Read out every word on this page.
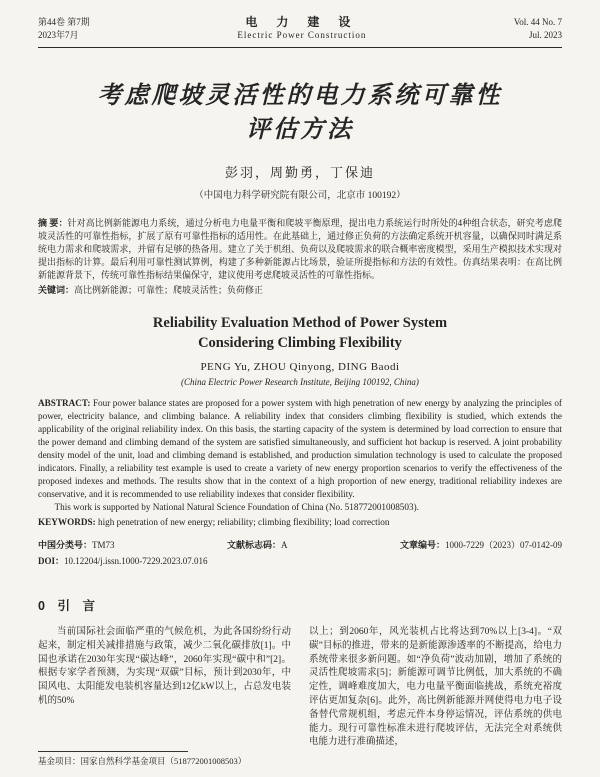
第44卷 第7期
2023年7月
电 力 建 设
Electric Power Construction
Vol. 44 No. 7
Jul. 2023
考虑爬坡灵活性的电力系统可靠性
评估方法
彭羽，周勤勇，丁保迪
（中国电力科学研究院有限公司，北京市 100192）

摘 要：针对高比例新能源电力系统，通过分析电力电量平衡和爬坡平衡原理，提出电力系统运行时所处的4种组合状态，研究考虑爬坡灵活性的可靠性指标，扩展了原有可靠性指标的适用性。在此基础上，通过修正负荷的方法确定系统开机容量，以确保同时满足系统电力需求和爬坡需求，并留有足够的热备用。建立了关于机组、负荷以及爬坡需求的联合概率密度模型，采用生产模拟技术实现对提出指标的计算。最后利用可靠性测试算例，构建了多种新能源占比场景，验证所提指标和方法的有效性。仿真结果表明：在高比例新能源背景下，传统可靠性指标结果偏保守，建议使用考虑爬坡灵活性的可靠性指标。

关键词：高比例新能源；可靠性；爬坡灵活性；负荷修正

Reliability Evaluation Method of Power System
Considering Climbing Flexibility
PENG Yu, ZHOU Qinyong, DING Baodi
(China Electric Power Research Institute, Beijing 100192, China)

ABSTRACT: Four power balance states are proposed for a power system with high penetration of new energy by analyzing the principles of power, electricity balance, and climbing balance. A reliability index that considers climbing flexibility is studied, which extends the applicability of the original reliability index. On this basis, the starting capacity of the system is determined by load correction to ensure that the power demand and climbing demand of the system are satisfied simultaneously, and sufficient hot backup is reserved. A joint probability density model of the unit, load and climbing demand is established, and production simulation technology is used to calculate the proposed indicators. Finally, a reliability test example is used to create a variety of new energy proportion scenarios to verify the effectiveness of the proposed indexes and methods. The results show that in the context of a high proportion of new energy, traditional reliability indexes are conservative, and it is recommended to use reliability indexes that consider flexibility.

This work is supported by National Natural Science Foundation of China (No. 518772001008503).

KEYWORDS: high penetration of new energy; reliability; climbing flexibility; load correction

中国分类号：TM73	文献标志码：A	文章编号：1000-7229（2023）07-0142-09
DOI：10.12204/j.issn.1000-7229.2023.07.016
0　引　言

当前国际社会面临严重的气候危机，为此各国纷纷行动起来，制定相关减排措施与政策，减少二氧化碳排放[1]。中国也承诺在2030年实现“碳达峰”，2060年实现“碳中和”[2]。根据专家学者预测，为实现“双碳”目标，预计到2030年，中国风电、太阳能发电装机容量达到12亿kW以上，占总发电装机的50%

以上；到2060年，风光装机占比将达到70%以上[3-4]。“双碳”目标的推进，带来的是新能源渗透率的不断提高，给电力系统带来很多新问题。如“净负荷”波动加剧，增加了系统的灵活性爬坡需求[5]；新能源可调节比例低，加大系统的不确定性，调峰难度加大，电力电量平衡面临挑战，系统充裕度评估更加复杂[6]。此外，高比例新能源并网使得电力电子设备替代常规机组，考虑元件本身停运情况，评估系统的供电能力。现行可靠性标准未进行爬坡评估，无法完全对系统供电能力进行准确描述，

基金项目：国家自然科学基金项目（518772001008503）
